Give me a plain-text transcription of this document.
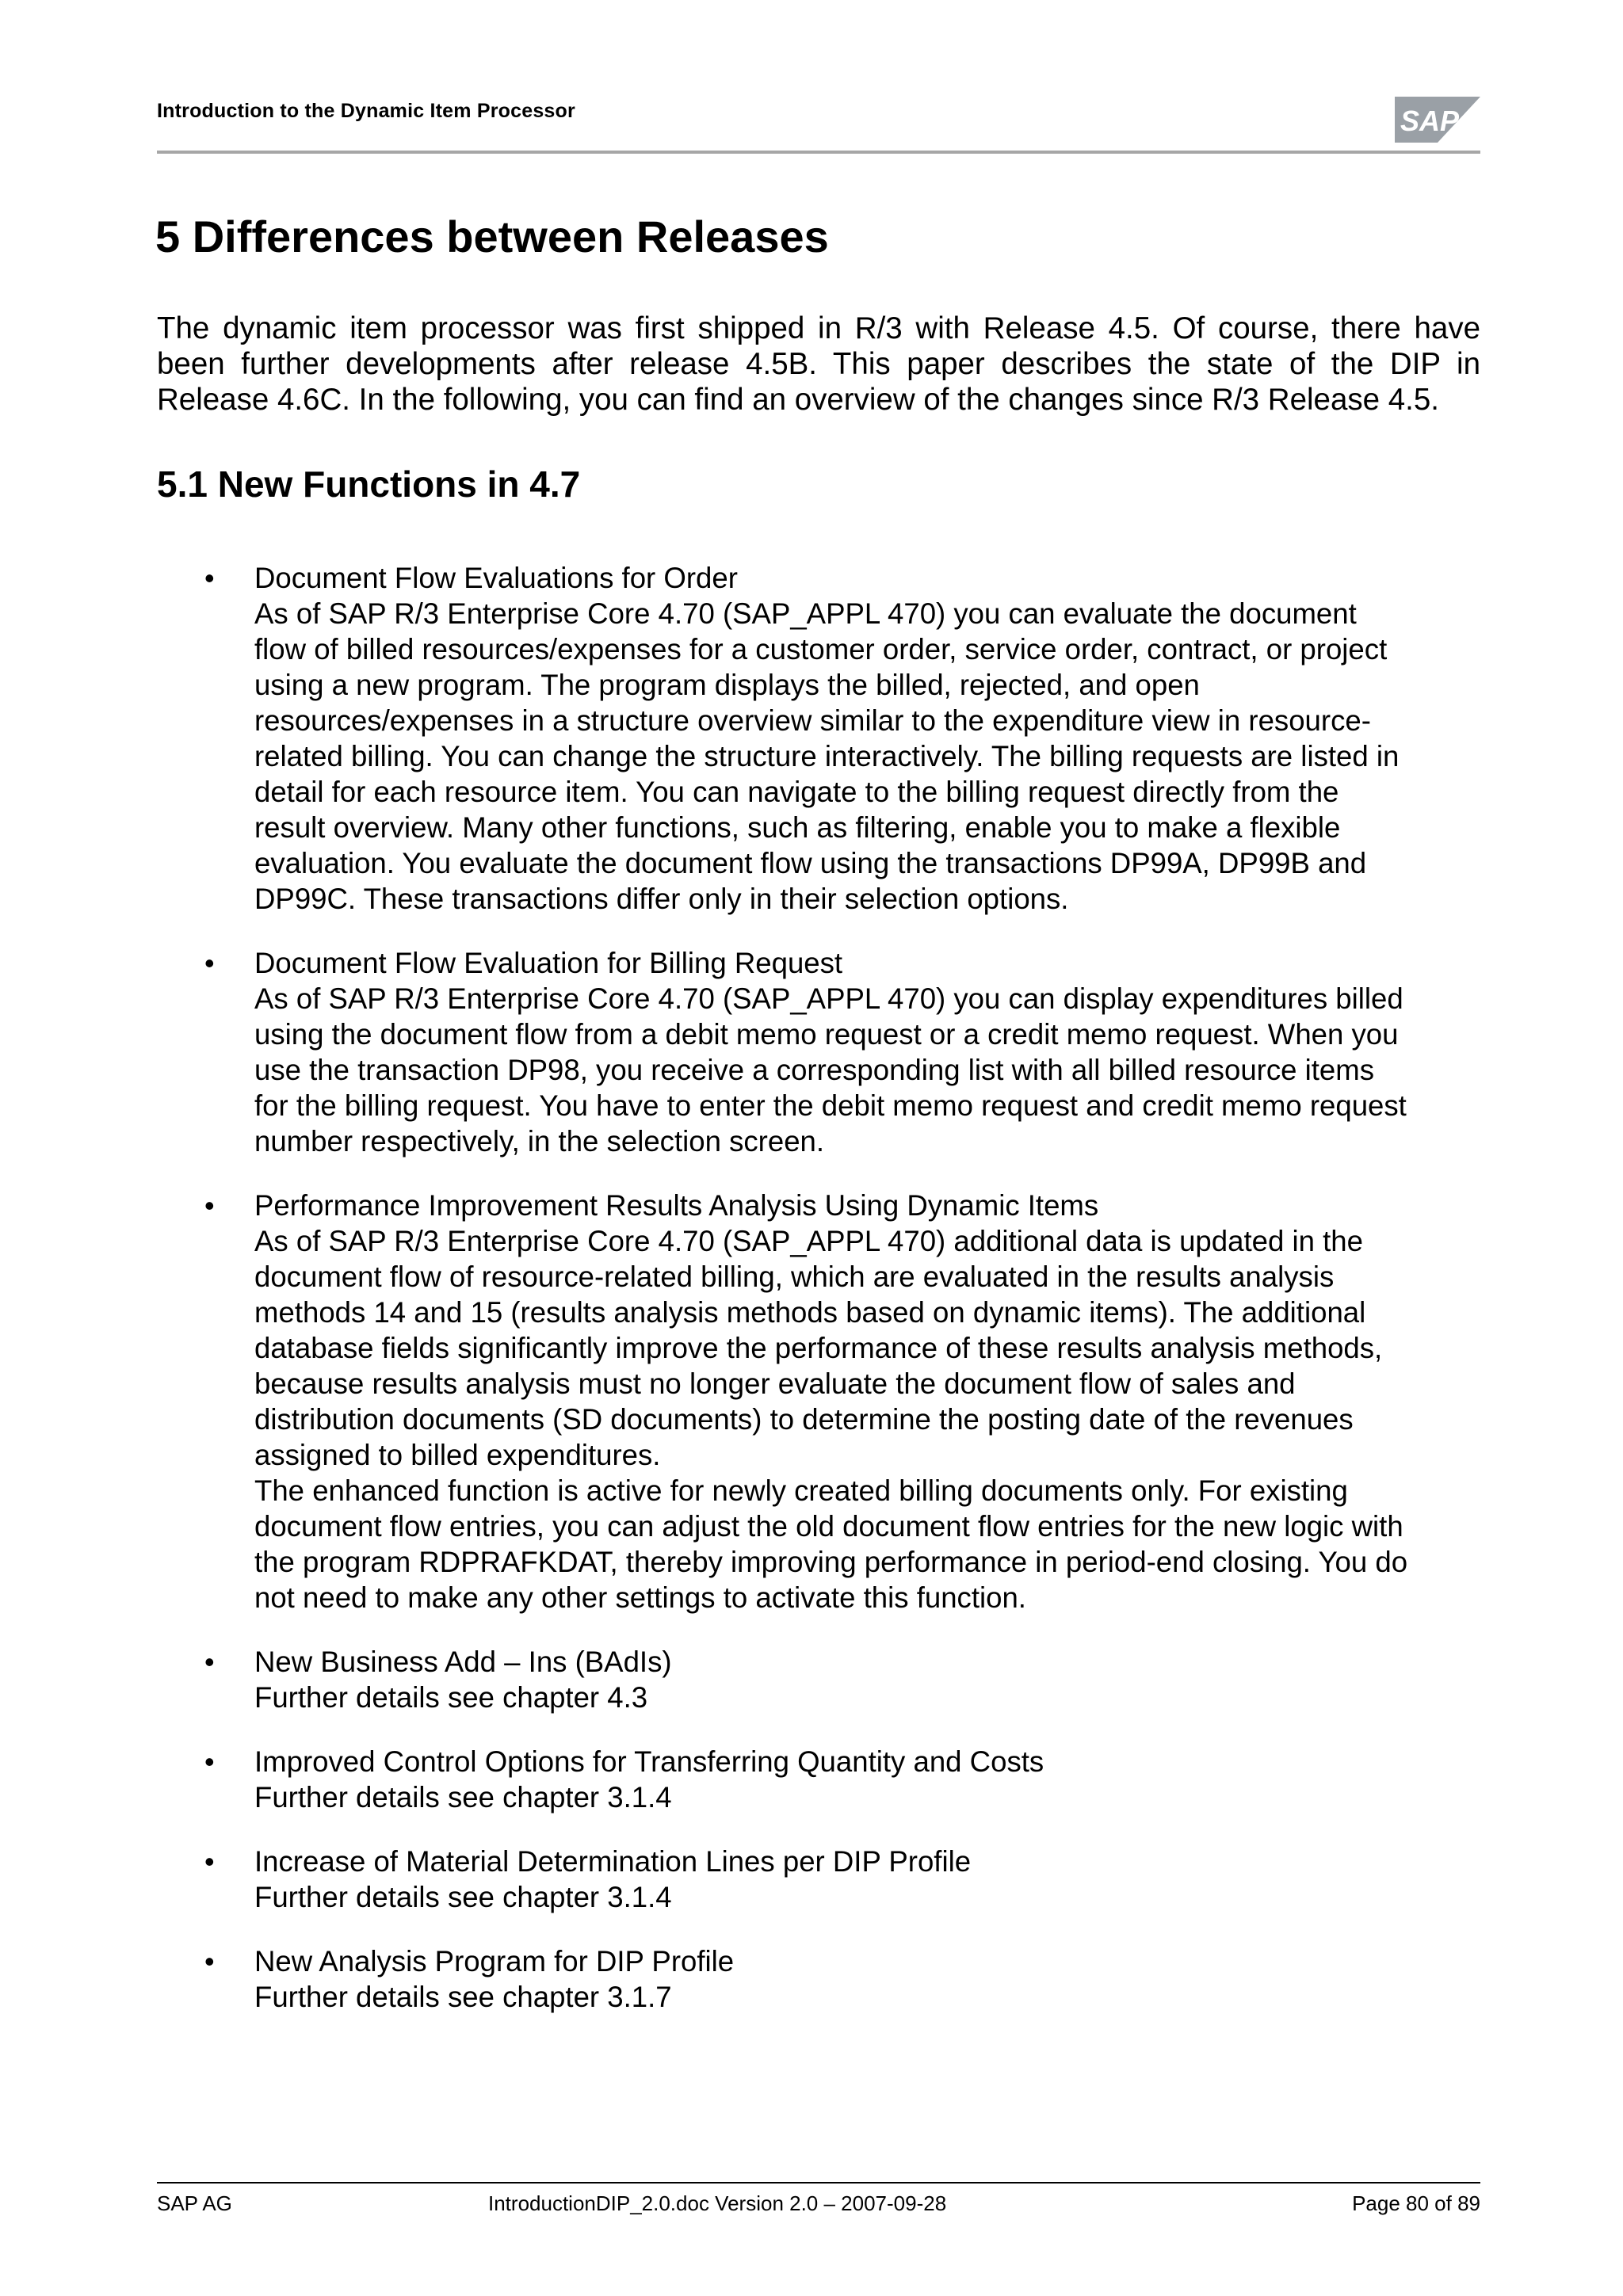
Introduction to the Dynamic Item Processor	SAP
5 Differences between Releases

The dynamic item processor was first shipped in R/3 with Release 4.5. Of course, there have been further developments after release 4.5B. This paper describes the state of the DIP in Release 4.6C. In the following, you can find an overview of the changes since R/3 Release 4.5.

5.1 New Functions in 4.7
• Document Flow Evaluations for Order
As of SAP R/3 Enterprise Core 4.70 (SAP_APPL 470) you can evaluate the document
flow of billed resources/expenses for a customer order, service order, contract, or project
using a new program. The program displays the billed, rejected, and open
resources/expenses in a structure overview similar to the expenditure view in resource-
related billing. You can change the structure interactively. The billing requests are listed in
detail for each resource item. You can navigate to the billing request directly from the
result overview. Many other functions, such as filtering, enable you to make a flexible
evaluation. You evaluate the document flow using the transactions DP99A, DP99B and
DP99C. These transactions differ only in their selection options.
• Document Flow Evaluation for Billing Request
As of SAP R/3 Enterprise Core 4.70 (SAP_APPL 470) you can display expenditures billed
using the document flow from a debit memo request or a credit memo request. When you
use the transaction DP98, you receive a corresponding list with all billed resource items
for the billing request. You have to enter the debit memo request and credit memo request
number respectively, in the selection screen.
• Performance Improvement Results Analysis Using Dynamic Items
As of SAP R/3 Enterprise Core 4.70 (SAP_APPL 470) additional data is updated in the
document flow of resource-related billing, which are evaluated in the results analysis
methods 14 and 15 (results analysis methods based on dynamic items). The additional
database fields significantly improve the performance of these results analysis methods,
because results analysis must no longer evaluate the document flow of sales and
distribution documents (SD documents) to determine the posting date of the revenues
assigned to billed expenditures.
The enhanced function is active for newly created billing documents only. For existing
document flow entries, you can adjust the old document flow entries for the new logic with
the program RDPRAFKDAT, thereby improving performance in period-end closing. You do
not need to make any other settings to activate this function.
• New Business Add – Ins (BAdIs)
Further details see chapter 4.3
• Improved Control Options for Transferring Quantity and Costs
Further details see chapter 3.1.4
• Increase of Material Determination Lines per DIP Profile
Further details see chapter 3.1.4
• New Analysis Program for DIP Profile
Further details see chapter 3.1.7
SAP AG	IntroductionDIP_2.0.doc Version 2.0 – 2007-09-28	Page 80 of 89
